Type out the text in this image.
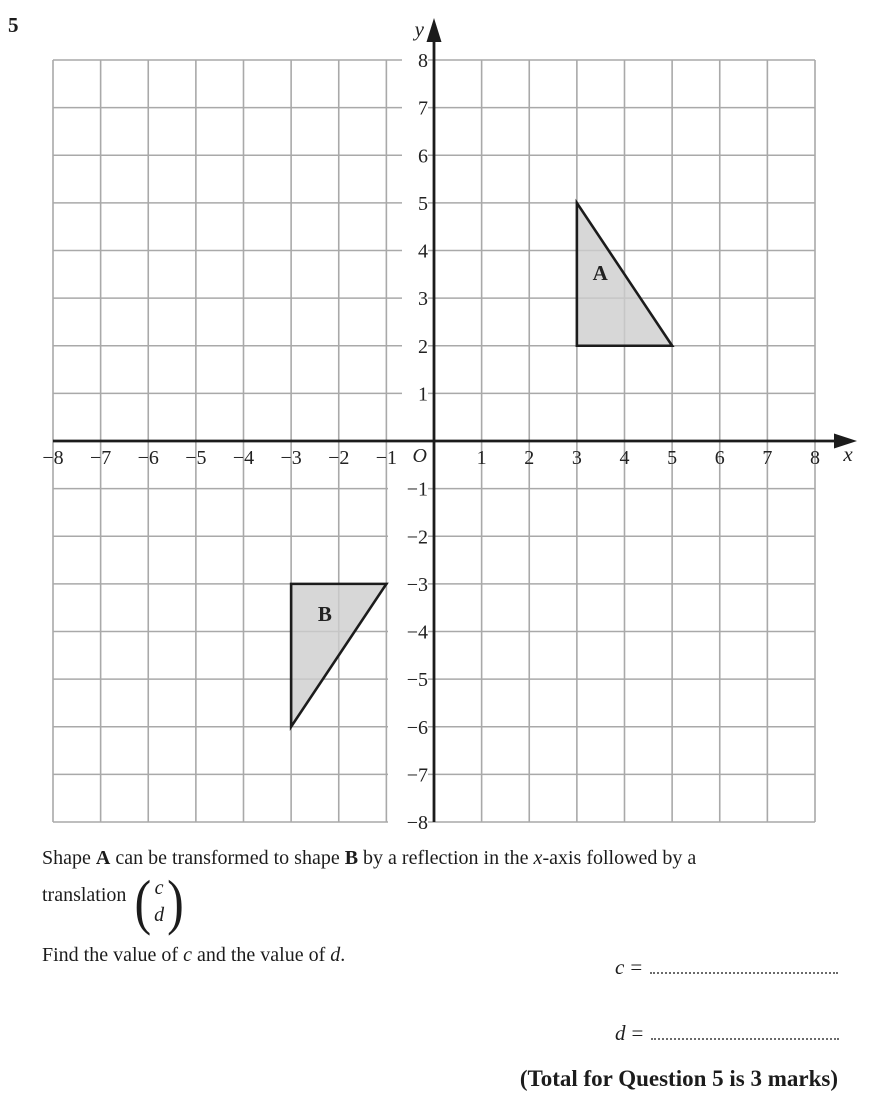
5
8
7
6
5
4
3
2
1
−1
−2
−3
−4
−5
−6
−7
−8
−8 −7 −6 −5 −4 −3 −2 −1	1 2 3 4 5 6 7 8
A
B
y
x
O

Shape A can be transformed to shape B by a reflection in the x-axis followed by a

translation ( c
d )

Find the value of c and the value of d.	c =
d =
(Total for Question 5 is 3 marks)
